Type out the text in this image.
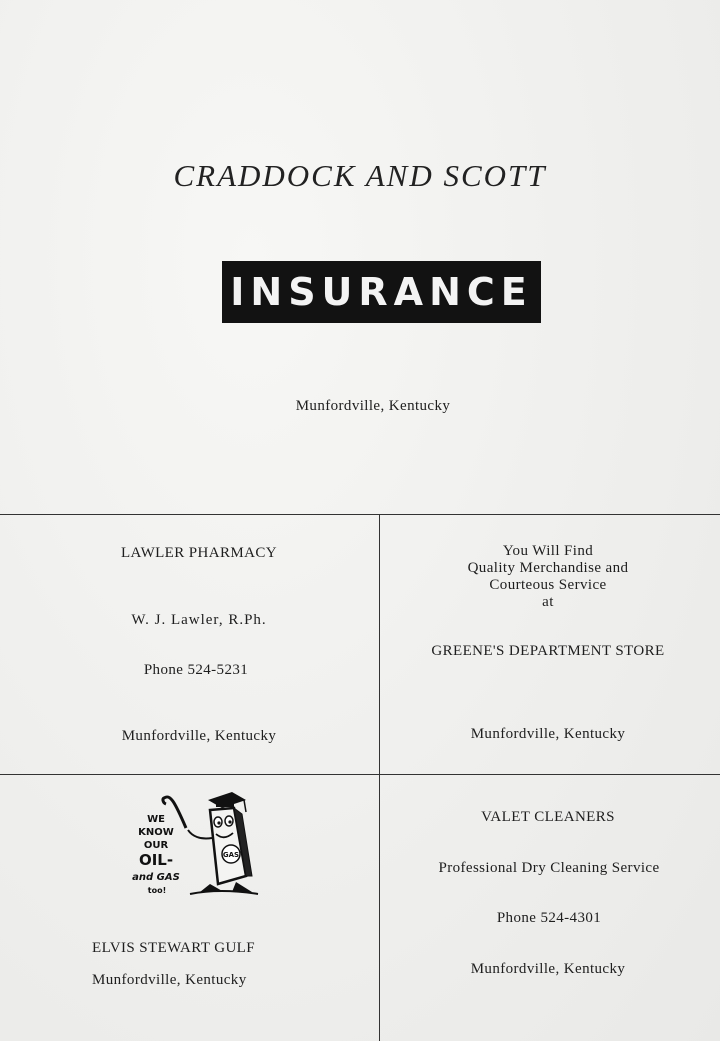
CRADDOCK AND SCOTT
INSURANCE
Munfordville, Kentucky
LAWLER PHARMACY
W. J. Lawler, R.Ph.
Phone 524-5231
Munfordville, Kentucky
You Will Find
Quality Merchandise and
Courteous Service
at
GREENE'S DEPARTMENT STORE
Munfordville, Kentucky
WE
KNOW
OUR
OIL-
and GAS
too!
GAS
ELVIS STEWART GULF
Munfordville, Kentucky
VALET CLEANERS
Professional Dry Cleaning Service
Phone 524-4301
Munfordville, Kentucky
